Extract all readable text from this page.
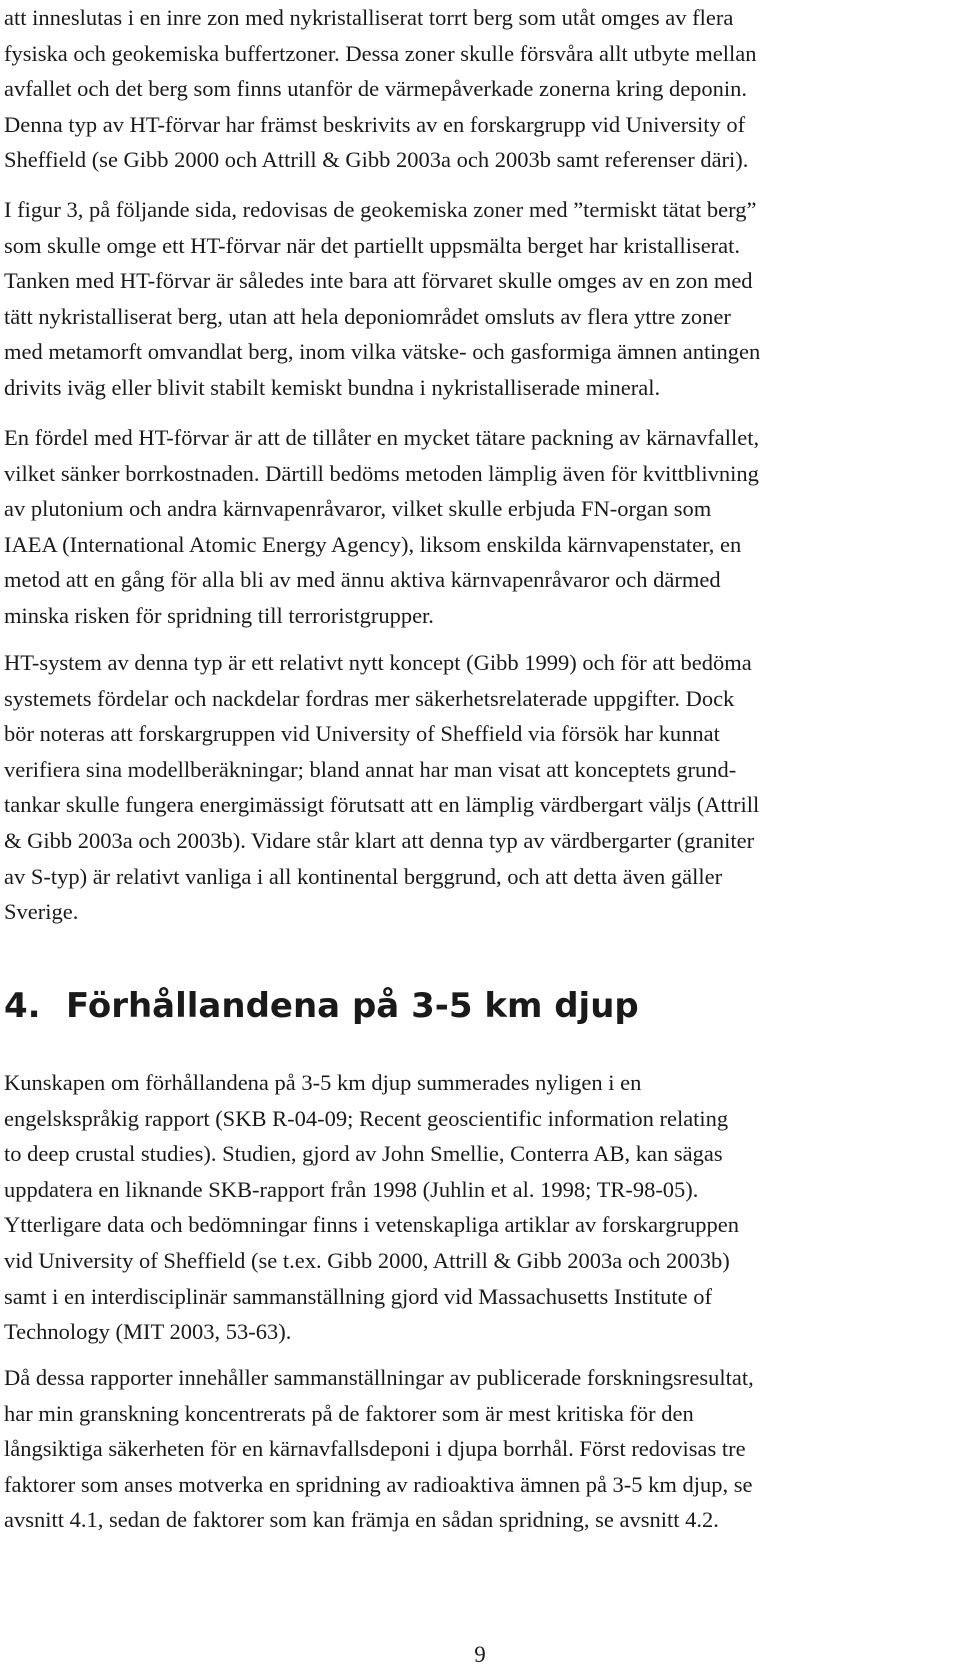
att inneslutas i en inre zon med nykristalliserat torrt berg som utåt omges av flera
fysiska och geokemiska buffertzoner. Dessa zoner skulle försvåra allt utbyte mellan
avfallet och det berg som finns utanför de värmepåverkade zonerna kring deponin.
Denna typ av HT-förvar har främst beskrivits av en forskargrupp vid University of
Sheffield (se Gibb 2000 och Attrill & Gibb 2003a och 2003b samt referenser däri).
I figur 3, på följande sida, redovisas de geokemiska zoner med ”termiskt tätat berg”
som skulle omge ett HT-förvar när det partiellt uppsmälta berget har kristalliserat.
Tanken med HT-förvar är således inte bara att förvaret skulle omges av en zon med
tätt nykristalliserat berg, utan att hela deponiområdet omsluts av flera yttre zoner
med metamorft omvandlat berg, inom vilka vätske- och gasformiga ämnen antingen
drivits iväg eller blivit stabilt kemiskt bundna i nykristalliserade mineral.
En fördel med HT-förvar är att de tillåter en mycket tätare packning av kärnavfallet,
vilket sänker borrkostnaden. Därtill bedöms metoden lämplig även för kvittblivning
av plutonium och andra kärnvapenråvaror, vilket skulle erbjuda FN-organ som
IAEA (International Atomic Energy Agency), liksom enskilda kärnvapenstater, en
metod att en gång för alla bli av med ännu aktiva kärnvapenråvaror och därmed
minska risken för spridning till terroristgrupper.
HT-system av denna typ är ett relativt nytt koncept (Gibb 1999) och för att bedöma
systemets fördelar och nackdelar fordras mer säkerhetsrelaterade uppgifter. Dock
bör noteras att forskargruppen vid University of Sheffield via försök har kunnat
verifiera sina modellberäkningar; bland annat har man visat att konceptets grund-
tankar skulle fungera energimässigt förutsatt att en lämplig värdbergart väljs (Attrill
& Gibb 2003a och 2003b). Vidare står klart att denna typ av värdbergarter (graniter
av S-typ) är relativt vanliga i all kontinental berggrund, och att detta även gäller
Sverige.
4. Förhållandena på 3-5 km djup
Kunskapen om förhållandena på 3-5 km djup summerades nyligen i en
engelskspråkig rapport (SKB R-04-09; Recent geoscientific information relating
to deep crustal studies). Studien, gjord av John Smellie, Conterra AB, kan sägas
uppdatera en liknande SKB-rapport från 1998 (Juhlin et al. 1998; TR-98-05).
Ytterligare data och bedömningar finns i vetenskapliga artiklar av forskargruppen
vid University of Sheffield (se t.ex. Gibb 2000, Attrill & Gibb 2003a och 2003b)
samt i en interdisciplinär sammanställning gjord vid Massachusetts Institute of
Technology (MIT 2003, 53-63).
Då dessa rapporter innehåller sammanställningar av publicerade forskningsresultat,
har min granskning koncentrerats på de faktorer som är mest kritiska för den
långsiktiga säkerheten för en kärnavfallsdeponi i djupa borrhål. Först redovisas tre
faktorer som anses motverka en spridning av radioaktiva ämnen på 3-5 km djup, se
avsnitt 4.1, sedan de faktorer som kan främja en sådan spridning, se avsnitt 4.2.
9
